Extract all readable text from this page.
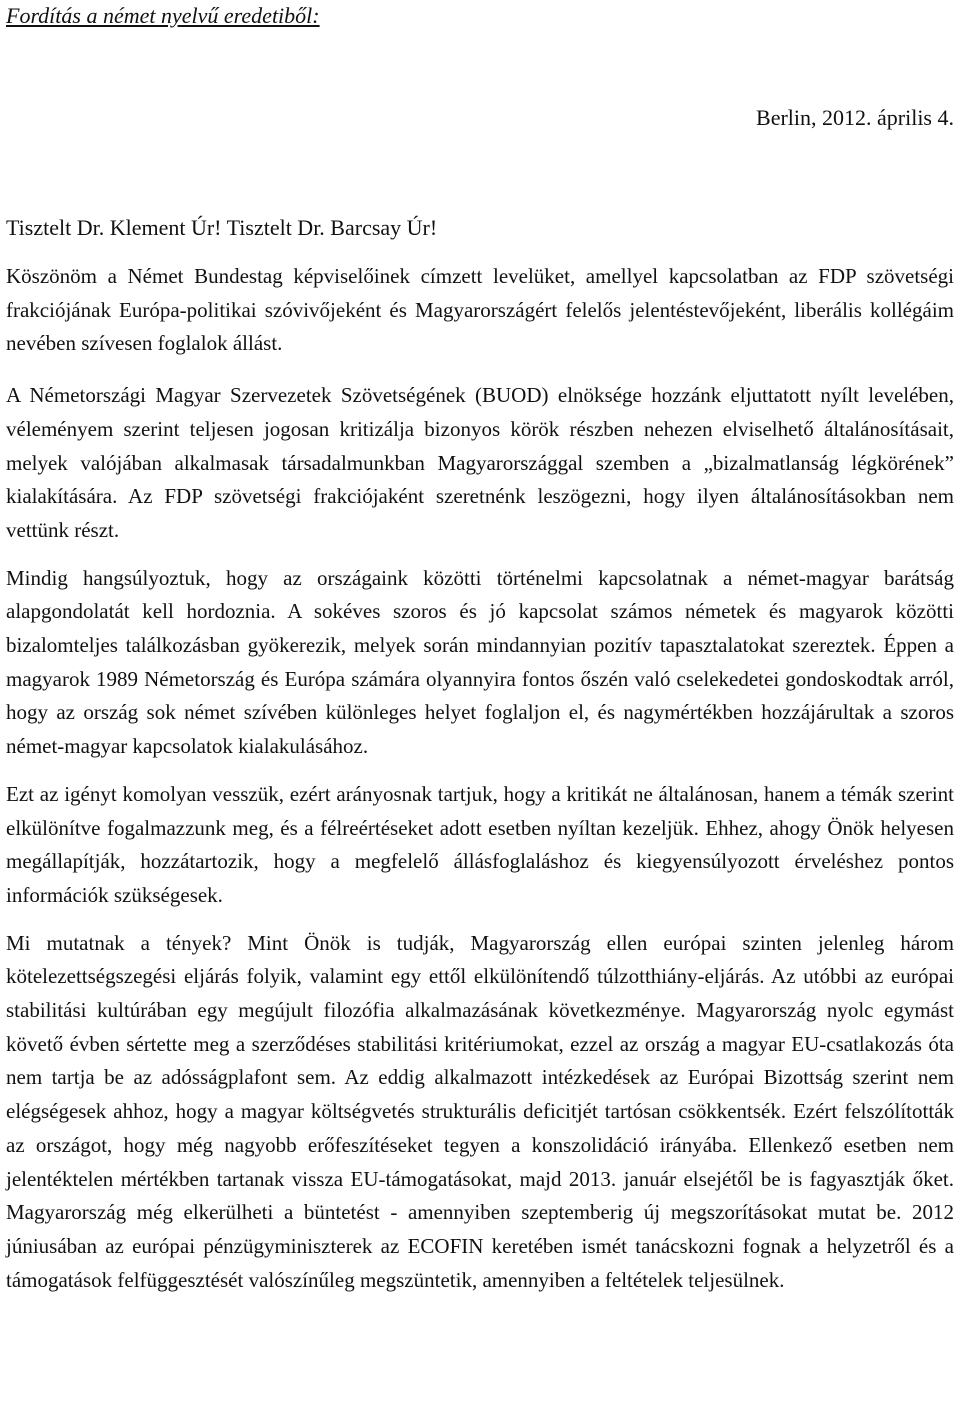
Fordítás a német nyelvű eredetiből:
Berlin, 2012. április 4.
Tisztelt Dr. Klement Úr! Tisztelt Dr. Barcsay Úr!

Köszönöm a Német Bundestag képviselőinek címzett levelüket, amellyel kapcsolatban az FDP szövetségi frakciójának Európa-politikai szóvivőjeként és Magyarországért felelős jelentéstevőjeként, liberális kollégáim nevében szívesen foglalok állást.

A Németországi Magyar Szervezetek Szövetségének (BUOD) elnöksége hozzánk eljuttatott nyílt levelében, véleményem szerint teljesen jogosan kritizálja bizonyos körök részben nehezen elviselhető általánosításait, melyek valójában alkalmasak társadalmunkban Magyarországgal szemben a „bizalmatlanság légkörének” kialakítására. Az FDP szövetségi frakciójaként szeretnénk leszögezni, hogy ilyen általánosításokban nem vettünk részt.

Mindig hangsúlyoztuk, hogy az országaink közötti történelmi kapcsolatnak a német-magyar barátság alapgondolatát kell hordoznia. A sokéves szoros és jó kapcsolat számos németek és magyarok közötti bizalomteljes találkozásban gyökerezik, melyek során mindannyian pozitív tapasztalatokat szereztek. Éppen a magyarok 1989 Németország és Európa számára olyannyira fontos őszén való cselekedetei gondoskodtak arról, hogy az ország sok német szívében különleges helyet foglaljon el, és nagymértékben hozzájárultak a szoros német-magyar kapcsolatok kialakulásához.

Ezt az igényt komolyan vesszük, ezért arányosnak tartjuk, hogy a kritikát ne általánosan, hanem a témák szerint elkülönítve fogalmazzunk meg, és a félreértéseket adott esetben nyíltan kezeljük. Ehhez, ahogy Önök helyesen megállapítják, hozzátartozik, hogy a megfelelő állásfoglaláshoz és kiegyensúlyozott érveléshez pontos információk szükségesek.

Mi mutatnak a tények? Mint Önök is tudják, Magyarország ellen európai szinten jelenleg három kötelezettségszegési eljárás folyik, valamint egy ettől elkülönítendő túlzotthiány-eljárás. Az utóbbi az európai stabilitási kultúrában egy megújult filozófia alkalmazásának következménye. Magyarország nyolc egymást követő évben sértette meg a szerződéses stabilitási kritériumokat, ezzel az ország a magyar EU-csatlakozás óta nem tartja be az adósságplafont sem. Az eddig alkalmazott intézkedések az Európai Bizottság szerint nem elégségesek ahhoz, hogy a magyar költségvetés strukturális deficitjét tartósan csökkentsék. Ezért felszólították az országot, hogy még nagyobb erőfeszítéseket tegyen a konszolidáció irányába. Ellenkező esetben nem jelentéktelen mértékben tartanak vissza EU-támogatásokat, majd 2013. január elsejétől be is fagyasztják őket. Magyarország még elkerülheti a büntetést - amennyiben szeptemberig új megszorításokat mutat be. 2012 júniusában az európai pénzügyminiszterek az ECOFIN keretében ismét tanácskozni fognak a helyzetről és a támogatások felfüggesztését valószínűleg megszüntetik, amennyiben a feltételek teljesülnek.
